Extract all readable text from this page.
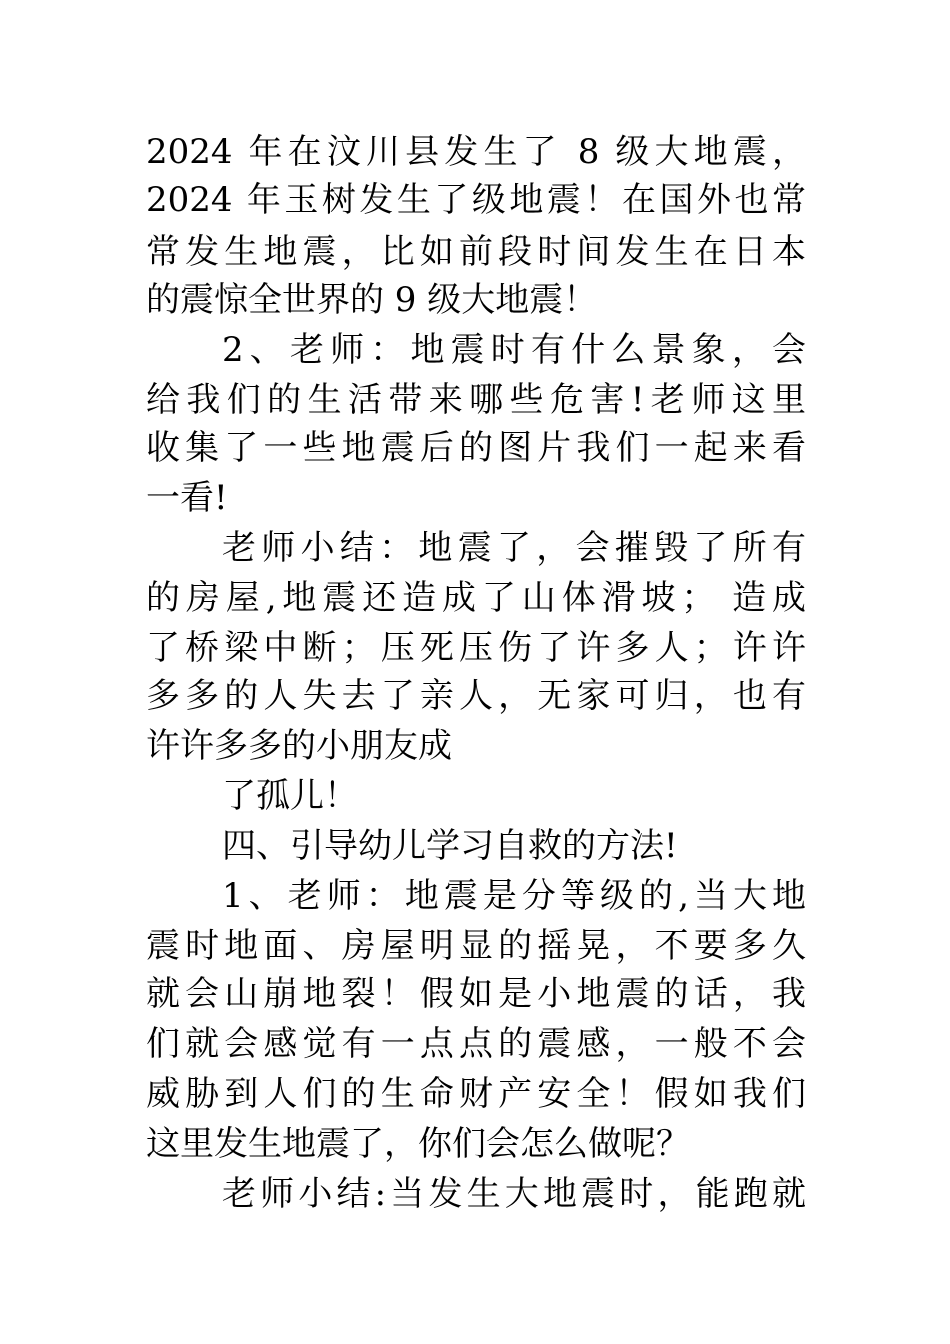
2024 年在汶川县发生了 8 级大地震，
2024 年玉树发生了级地震！在国外也常
常发生地震，比如前段时间发生在日本
的震惊全世界的 9 级大地震！
2、老师：地震时有什么景象，会
给我们的生活带来哪些危害!老师这里
收集了一些地震后的图片我们一起来看
一看!
老师小结：地震了，会摧毁了所有
的房屋,地震还造成了山体滑坡； 造成
了桥梁中断；压死压伤了许多人；许许
多多的人失去了亲人，无家可归，也有
许许多多的小朋友成
了孤儿！
四、引导幼儿学习自救的方法!
1、老师：地震是分等级的,当大地
震时地面、房屋明显的摇晃，不要多久
就会山崩地裂！假如是小地震的话，我
们就会感觉有一点点的震感，一般不会
威胁到人们的生命财产安全！假如我们
这里发生地震了，你们会怎么做呢？
老师小结:当发生大地震时，能跑就
